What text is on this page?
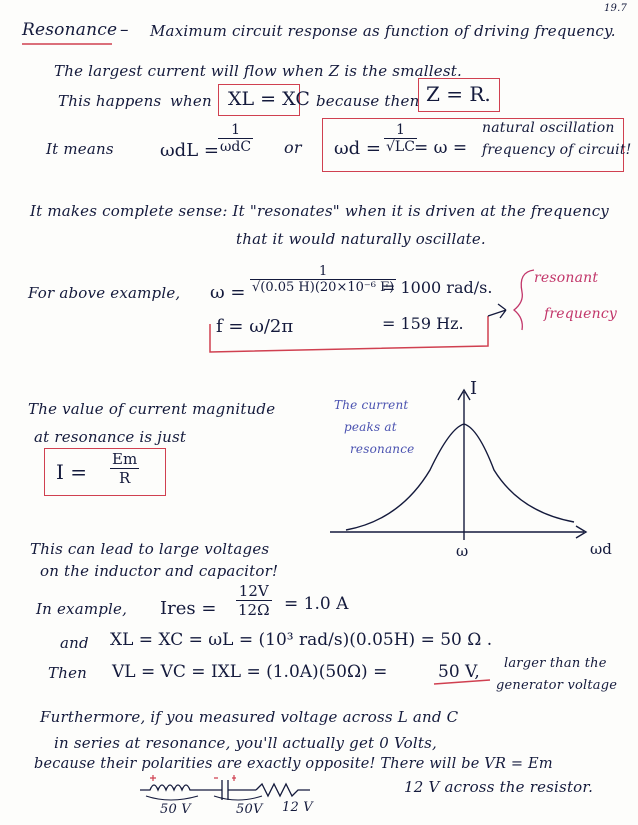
19.7
Resonance – Maximum circuit response as function of driving frequency.
The largest current will flow when Z is the smallest.
This happens when XL = XC because then Z = R.
It means	$\omega dL = \frac{1}{\text{ωdC}}$ or $\omega d = \frac{1}{√LC}$
= ω =
natural oscillation
frequency of circuit!
It makes complete sense: It "resonates" when it is driven at the frequency
that it would naturally oscillate.
For above example, $\omega = \frac{1}{\text{√(0.05 H)(20×10⁻⁶ F)}}$
= 1000 rad/s.
f = ω/2π	= 159 Hz.
resonant
frequency
The value of current magnitude
at resonance is just
$I = \frac{Em}{R}$
The current
peaks at
resonance
I
ω	ωd
This can lead to large voltages
on the inductor and capacitor!
In example, Ires = $\frac{12V}{12\Omega} = 1.0$ A
and XL = XC = ωL = (10³ rad/s)(0.05H) = 50 Ω .
Then VL = VC = IXL = (1.0A)(50Ω) =	50 V, larger than the
generator voltage
Furthermore, if you measured voltage across L and C
in series at resonance, you'll actually get 0 Volts,
because their polarities are exactly opposite! There will be VR = Em
12 V across the resistor.
50 V	50V 12 V
